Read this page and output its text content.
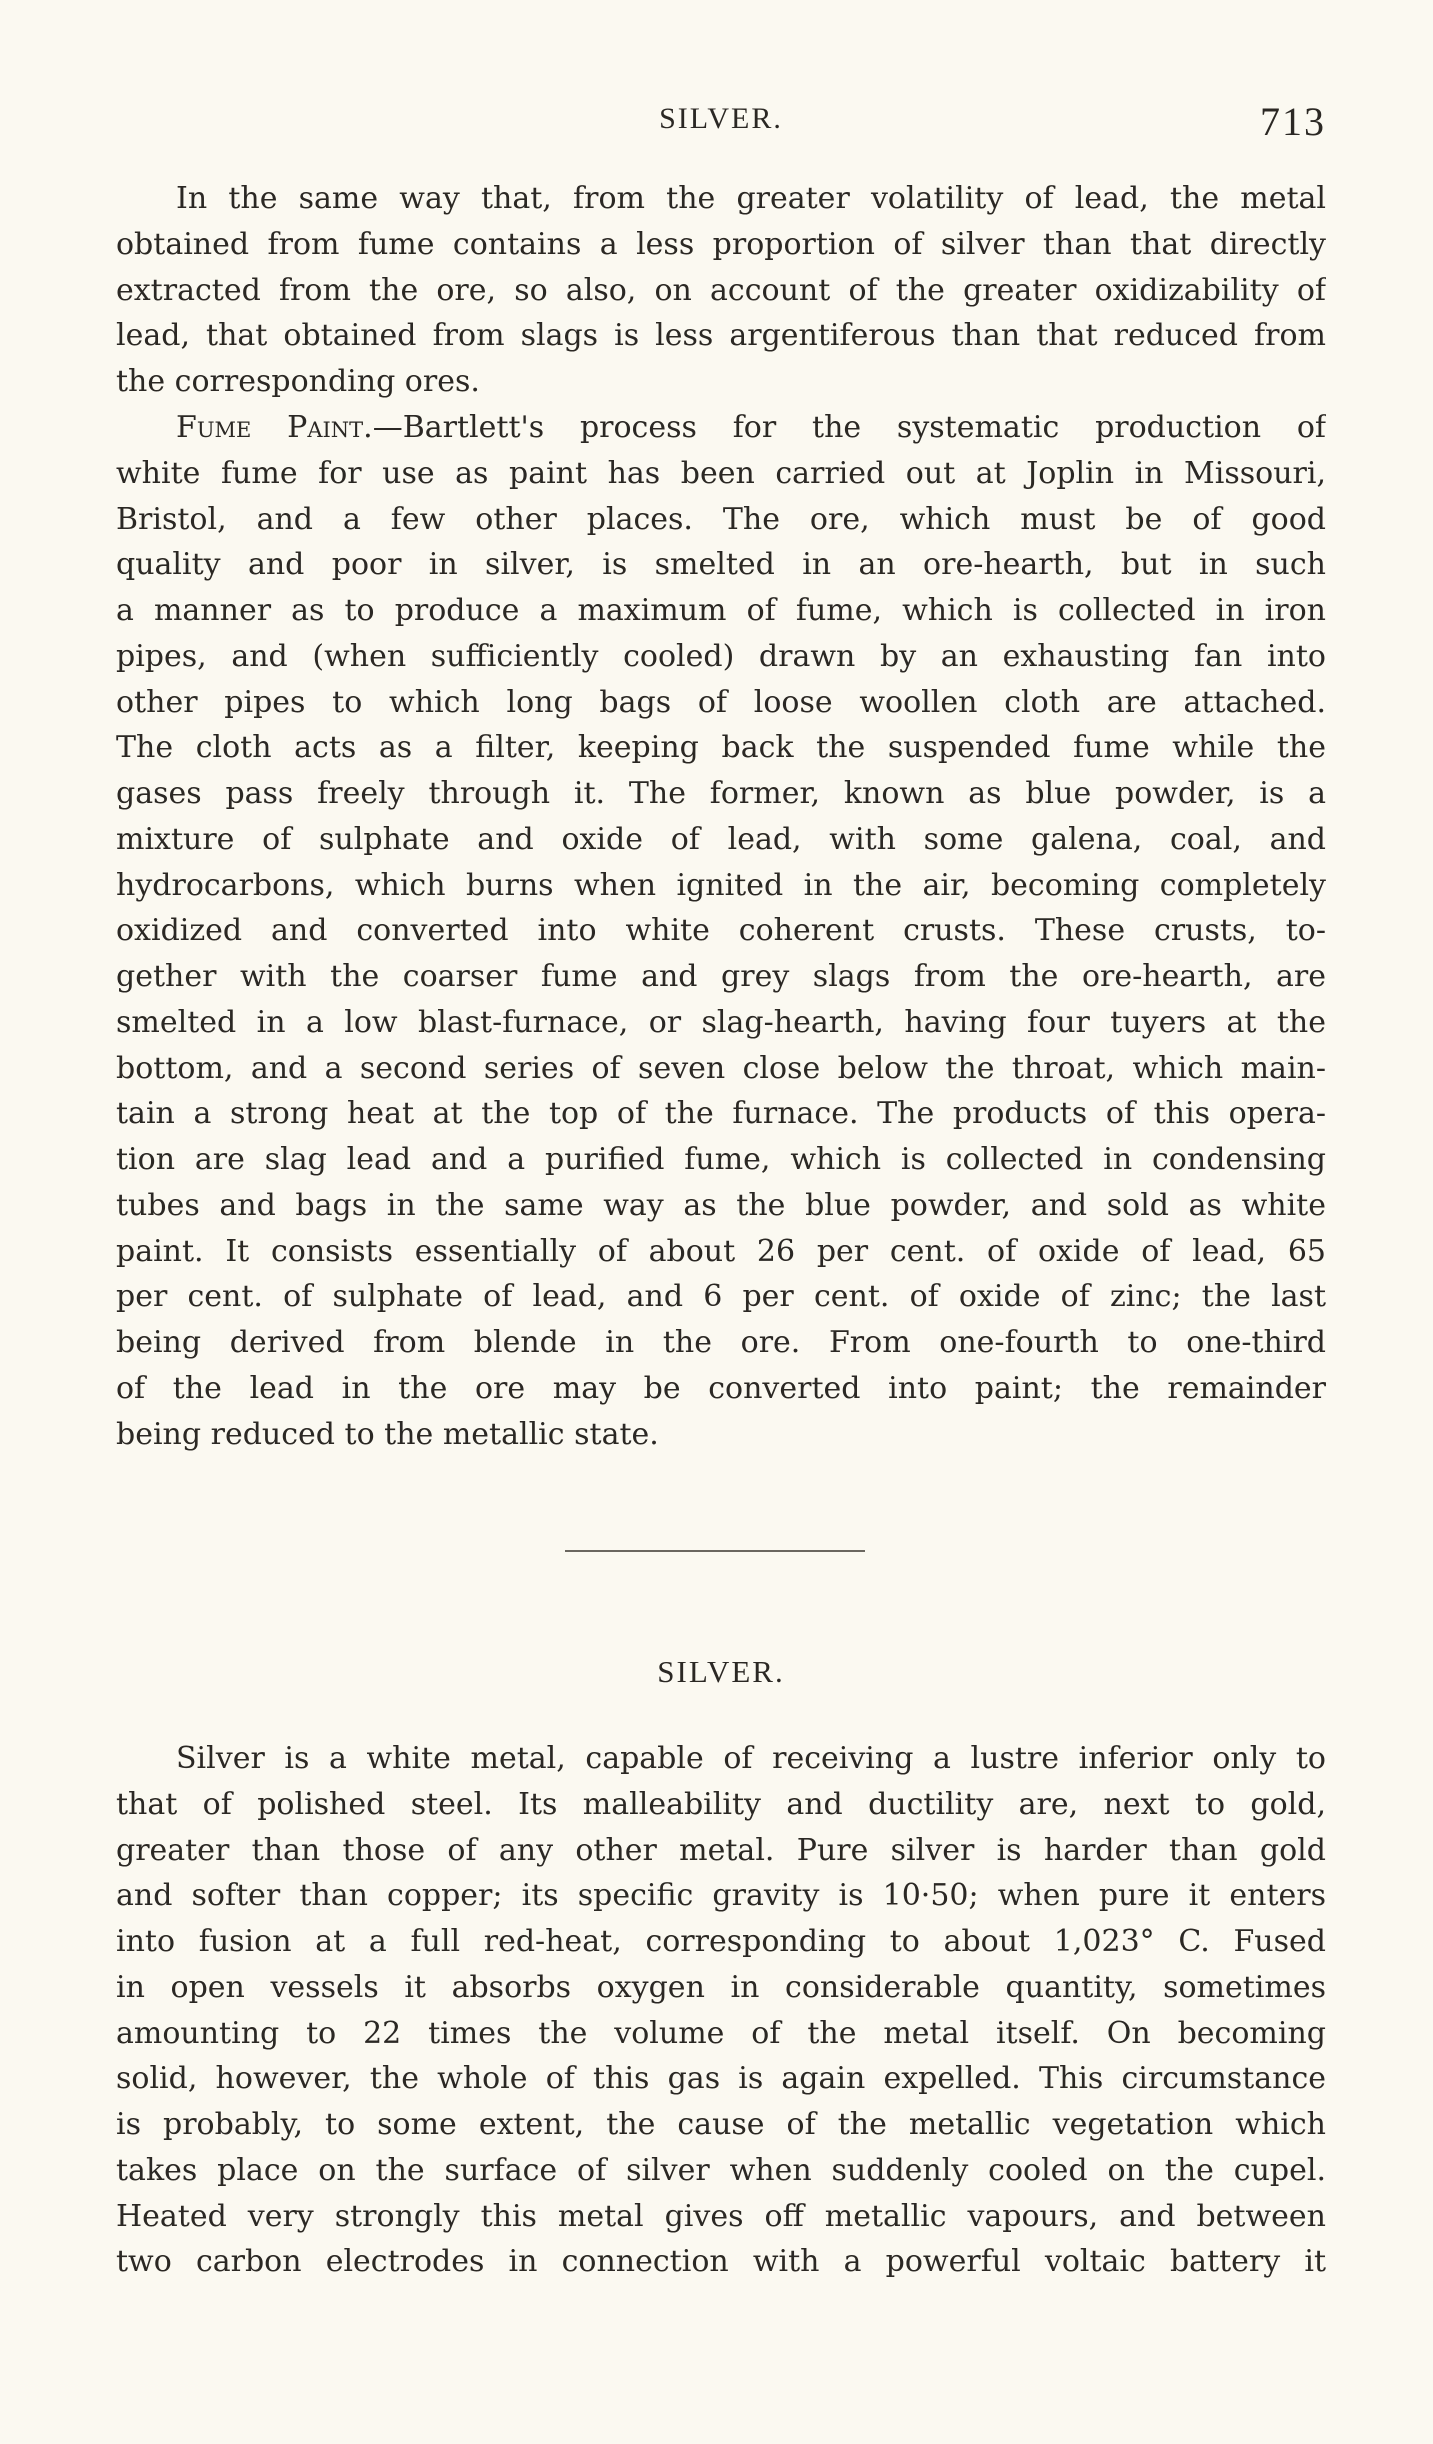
SILVER.	713
In the same way that, from the greater volatility of lead, the metal
obtained from fume contains a less proportion of silver than that directly
extracted from the ore, so also, on account of the greater oxidizability of
lead, that obtained from slags is less argentiferous than that reduced from
the corresponding ores.
Fume Paint.—Bartlett's process for the systematic production of
white fume for use as paint has been carried out at Joplin in Missouri,
Bristol, and a few other places. The ore, which must be of good
quality and poor in silver, is smelted in an ore-hearth, but in such
a manner as to produce a maximum of fume, which is collected in iron
pipes, and (when sufficiently cooled) drawn by an exhausting fan into
other pipes to which long bags of loose woollen cloth are attached.
The cloth acts as a filter, keeping back the suspended fume while the
gases pass freely through it. The former, known as blue powder, is a
mixture of sulphate and oxide of lead, with some galena, coal, and
hydrocarbons, which burns when ignited in the air, becoming completely
oxidized and converted into white coherent crusts. These crusts, to-
gether with the coarser fume and grey slags from the ore-hearth, are
smelted in a low blast-furnace, or slag-hearth, having four tuyers at the
bottom, and a second series of seven close below the throat, which main-
tain a strong heat at the top of the furnace. The products of this opera-
tion are slag lead and a purified fume, which is collected in condensing
tubes and bags in the same way as the blue powder, and sold as white
paint. It consists essentially of about 26 per cent. of oxide of lead, 65
per cent. of sulphate of lead, and 6 per cent. of oxide of zinc; the last
being derived from blende in the ore. From one-fourth to one-third
of the lead in the ore may be converted into paint; the remainder
being reduced to the metallic state.
SILVER.
Silver is a white metal, capable of receiving a lustre inferior only to
that of polished steel. Its malleability and ductility are, next to gold,
greater than those of any other metal. Pure silver is harder than gold
and softer than copper; its specific gravity is 10·50; when pure it enters
into fusion at a full red-heat, corresponding to about 1,023° C. Fused
in open vessels it absorbs oxygen in considerable quantity, sometimes
amounting to 22 times the volume of the metal itself. On becoming
solid, however, the whole of this gas is again expelled. This circumstance
is probably, to some extent, the cause of the metallic vegetation which
takes place on the surface of silver when suddenly cooled on the cupel.
Heated very strongly this metal gives off metallic vapours, and between
two carbon electrodes in connection with a powerful voltaic battery it
